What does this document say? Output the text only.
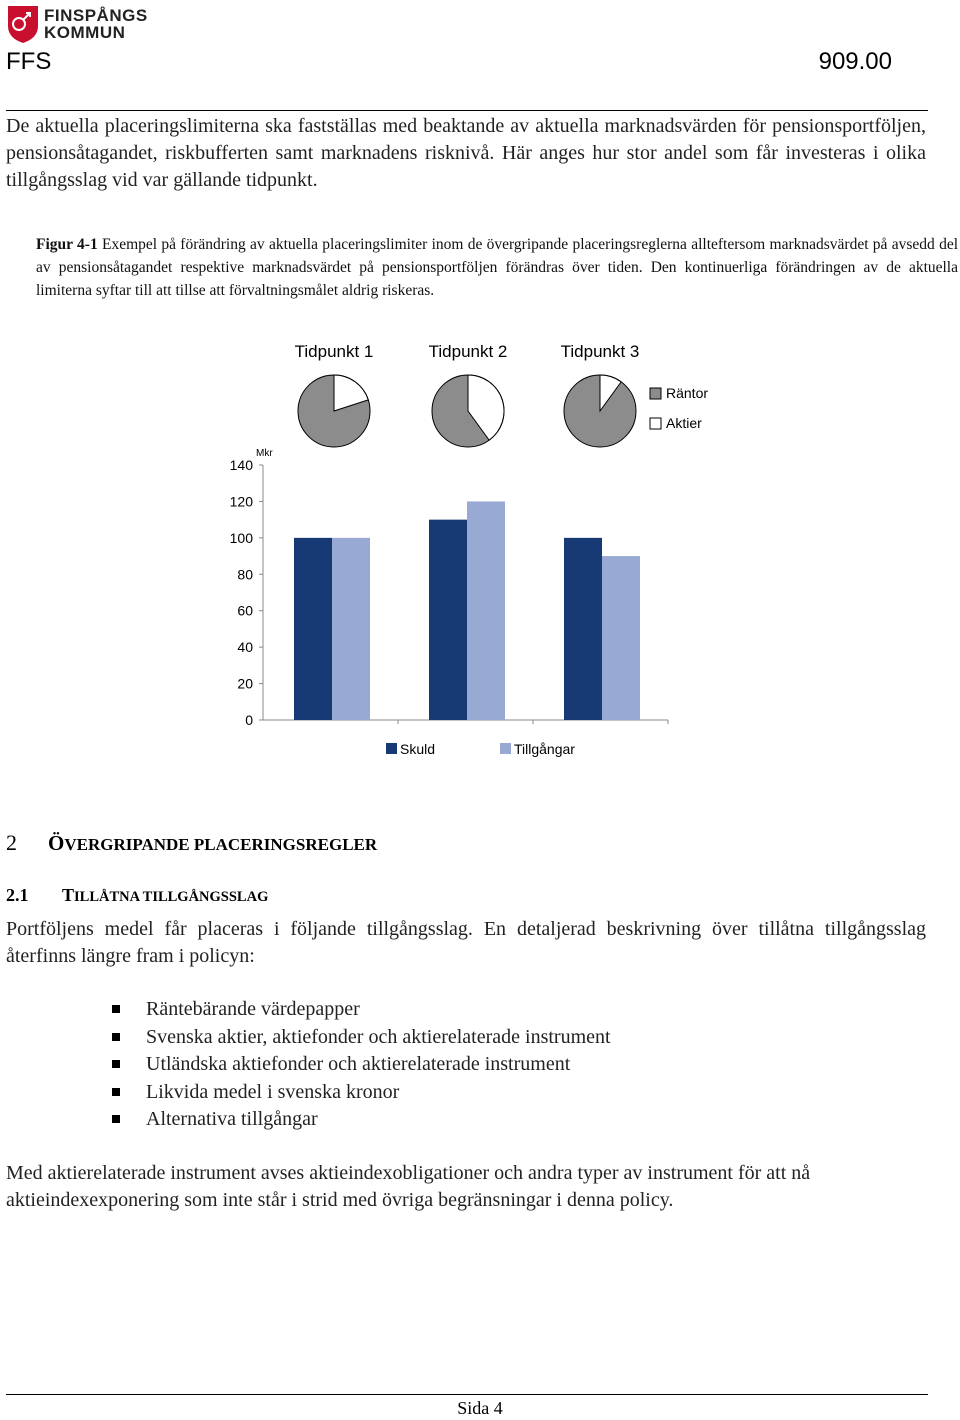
FINSPÅNGS
KOMMUN
FFS	909.00
De aktuella placeringslimiterna ska fastställas med beaktande av aktuella marknadsvärden för pensionsportföljen, pensionsåtagandet, riskbufferten samt marknadens risknivå. Här anges hur stor andel som får investeras i olika tillgångsslag vid var gällande tidpunkt.
Figur 4-1 Exempel på förändring av aktuella placeringslimiter inom de övergripande placeringsreglerna allteftersom marknadsvärdet på avsedd del av pensionsåtagandet respektive marknadsvärdet på pensionsportföljen förändras över tiden. Den kontinuerliga förändringen av de aktuella limiterna syftar till att tillse att förvaltningsmålet aldrig riskeras.
Tidpunkt 1	Tidpunkt 2	Tidpunkt 3
Räntor
Aktier
0
20
40
60
80
100
120
140
Mkr
Skuld	Tillgångar
2 ÖVERGRIPANDE PLACERINGSREGLER
2.1 TILLÅTNA TILLGÅNGSSLAG
Portföljens medel får placeras i följande tillgångsslag. En detaljerad beskrivning över tillåtna tillgångsslag återfinns längre fram i policyn:
Räntebärande värdepapper
Svenska aktier, aktiefonder och aktierelaterade instrument
Utländska aktiefonder och aktierelaterade instrument
Likvida medel i svenska kronor
Alternativa tillgångar
Med aktierelaterade instrument avses aktieindexobligationer och andra typer av instrument för att nå aktieindexexponering som inte står i strid med övriga begränsningar i denna policy.
Sida 4
